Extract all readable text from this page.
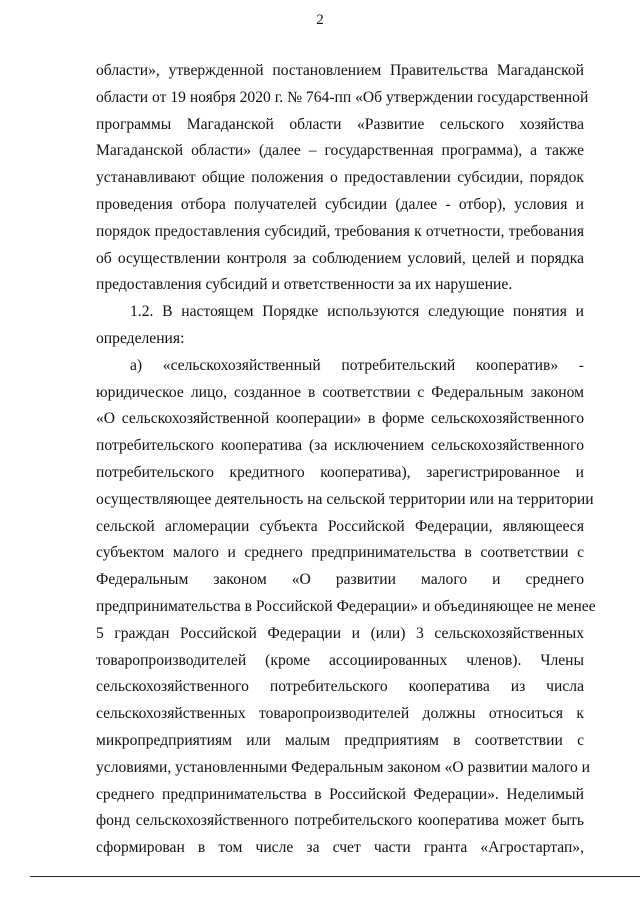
2
области», утвержденной постановлением Правительства Магаданской
области от 19 ноября 2020 г. № 764-пп «Об утверждении государственной
программы Магаданской области «Развитие сельского хозяйства
Магаданской области» (далее – государственная программа), а также
устанавливают общие положения о предоставлении субсидии, порядок
проведения отбора получателей субсидии (далее - отбор), условия и
порядок предоставления субсидий, требования к отчетности, требования
об осуществлении контроля за соблюдением условий, целей и порядка
предоставления субсидий и ответственности за их нарушение.
1.2. В настоящем Порядке используются следующие понятия и
определения:
а) «сельскохозяйственный потребительский кооператив» -
юридическое лицо, созданное в соответствии с Федеральным законом
«О сельскохозяйственной кооперации» в форме сельскохозяйственного
потребительского кооператива (за исключением сельскохозяйственного
потребительского кредитного кооператива), зарегистрированное и
осуществляющее деятельность на сельской территории или на территории
сельской агломерации субъекта Российской Федерации, являющееся
субъектом малого и среднего предпринимательства в соответствии с
Федеральным законом «О развитии малого и среднего
предпринимательства в Российской Федерации» и объединяющее не менее
5 граждан Российской Федерации и (или) 3 сельскохозяйственных
товаропроизводителей (кроме ассоциированных членов). Члены
сельскохозяйственного потребительского кооператива из числа
сельскохозяйственных товаропроизводителей должны относиться к
микропредприятиям или малым предприятиям в соответствии с
условиями, установленными Федеральным законом «О развитии малого и
среднего предпринимательства в Российской Федерации». Неделимый
фонд сельскохозяйственного потребительского кооператива может быть
сформирован в том числе за счет части гранта «Агростартап»,
